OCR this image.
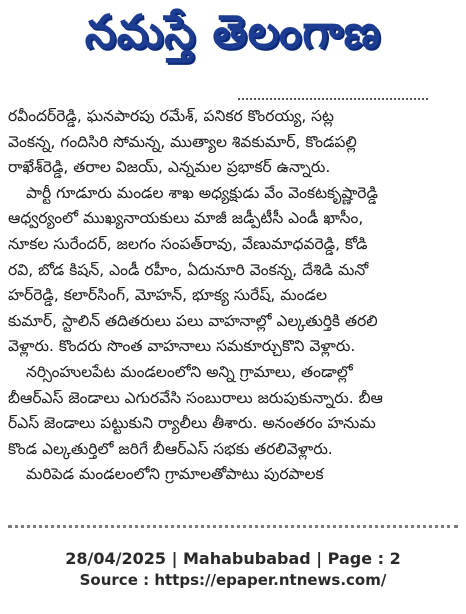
నమస్తే తెలంగాణ
రవీందర్‌రెడ్డి, ఘనపారపు రమేశ్, పనికర కొంరయ్య, సట్ల
వెంకన్న, గందిసిరి సోమన్న, ముత్యాల శివకుమార్, కొండపల్లి
రాఖేశ్‌రెడ్డి, తరాల విజయ్, ఎన్నమల ప్రభాకర్ ఉన్నారు.
పార్టీ గూడూరు మండల శాఖ అధ్యక్షుడు వేం వెంకటకృష్ణారెడ్డి
ఆధ్వర్యంలో ముఖ్యనాయకులు మాజీ జడ్పీటీసీ ఎండీ ఖాసీం,
నూకల సురేందర్, జలగం సంపత్‌రావు, వేణుమాధవరెడ్డి, కోడి
రవి, బోడ కిషన్, ఎండీ రహీం, ఏదునూరి వెంకన్న, దేశిడి మనో
హర్‌రెడ్డి, కలార్‌సింగ్, మోహన్, భూక్య సురేష్, మండల
కుమార్, స్టాలిన్ తదితరులు పలు వాహనాల్లో ఎల్కతుర్తికి తరలి
వెళ్లారు. కొందరు సొంత వాహనాలు సమకూర్చుకొని వెళ్లారు.
నర్సింహులపేట మండలంలోని అన్ని గ్రామాలు, తండాల్లో
బీఆర్ఎస్ జెండాలు ఎగురవేసి సంబురాలు జరుపుకున్నారు. బీఆ
ర్ఎస్ జెండాలు పట్టుకుని ర్యాలీలు తీశారు. అనంతరం హనుమ
కొండ ఎల్కతుర్తిలో జరిగే బీఆర్ఎస్ సభకు తరలివెళ్లారు.
మరిపెడ మండలంలోని గ్రామాలతోపాటు పురపాలక
28/04/2025 | Mahabubabad | Page : 2
Source : https://epaper.ntnews.com/
